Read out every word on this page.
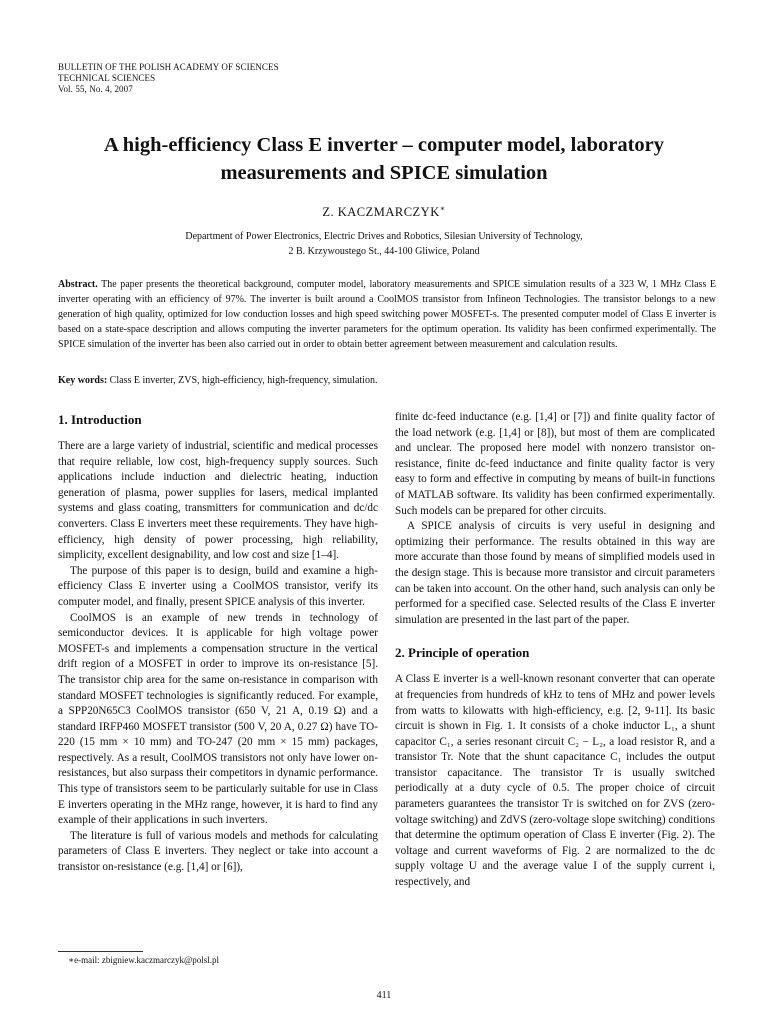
BULLETIN OF THE POLISH ACADEMY OF SCIENCES
TECHNICAL SCIENCES
Vol. 55, No. 4, 2007
A high-efficiency Class E inverter – computer model, laboratory
measurements and SPICE simulation
Z. KACZMARCZYK∗
Department of Power Electronics, Electric Drives and Robotics, Silesian University of Technology,
2 B. Krzywoustego St., 44-100 Gliwice, Poland
Abstract. The paper presents the theoretical background, computer model, laboratory measurements and SPICE simulation results of a 323 W, 1 MHz Class E inverter operating with an efficiency of 97%. The inverter is built around a CoolMOS transistor from Infineon Technologies. The transistor belongs to a new generation of high quality, optimized for low conduction losses and high speed switching power MOSFET-s. The presented computer model of Class E inverter is based on a state-space description and allows computing the inverter parameters for the optimum operation. Its validity has been confirmed experimentally. The SPICE simulation of the inverter has been also carried out in order to obtain better agreement between measurement and calculation results.
Key words: Class E inverter, ZVS, high-efficiency, high-frequency, simulation.
1. Introduction

There are a large variety of industrial, scientific and medical processes that require reliable, low cost, high-frequency supply sources. Such applications include induction and dielectric heating, induction generation of plasma, power supplies for lasers, medical implanted systems and glass coating, transmitters for communication and dc/dc converters. Class E inverters meet these requirements. They have high-efficiency, high density of power processing, high reliability, simplicity, excellent designability, and low cost and size [1–4].

The purpose of this paper is to design, build and examine a high-efficiency Class E inverter using a CoolMOS transistor, verify its computer model, and finally, present SPICE analysis of this inverter.

CoolMOS is an example of new trends in technology of semiconductor devices. It is applicable for high voltage power MOSFET-s and implements a compensation structure in the vertical drift region of a MOSFET in order to improve its on-resistance [5]. The transistor chip area for the same on-resistance in comparison with standard MOSFET technologies is significantly reduced. For example, a SPP20N65C3 CoolMOS transistor (650 V, 21 A, 0.19 Ω) and a standard IRFP460 MOSFET transistor (500 V, 20 A, 0.27 Ω) have TO-220 (15 mm × 10 mm) and TO-247 (20 mm × 15 mm) packages, respectively. As a result, CoolMOS transistors not only have lower on-resistances, but also surpass their competitors in dynamic performance. This type of transistors seem to be particularly suitable for use in Class E inverters operating in the MHz range, however, it is hard to find any example of their applications in such inverters.

The literature is full of various models and methods for calculating parameters of Class E inverters. They neglect or take into account a transistor on-resistance (e.g. [1,4] or [6]),

finite dc-feed inductance (e.g. [1,4] or [7]) and finite quality factor of the load network (e.g. [1,4] or [8]), but most of them are complicated and unclear. The proposed here model with nonzero transistor on-resistance, finite dc-feed inductance and finite quality factor is very easy to form and effective in computing by means of built-in functions of MATLAB software. Its validity has been confirmed experimentally. Such models can be prepared for other circuits.

A SPICE analysis of circuits is very useful in designing and optimizing their performance. The results obtained in this way are more accurate than those found by means of simplified models used in the design stage. This is because more transistor and circuit parameters can be taken into account. On the other hand, such analysis can only be performed for a specified case. Selected results of the Class E inverter simulation are presented in the last part of the paper.

2. Principle of operation

A Class E inverter is a well-known resonant converter that can operate at frequencies from hundreds of kHz to tens of MHz and power levels from watts to kilowatts with high-efficiency, e.g. [2, 9-11]. Its basic circuit is shown in Fig. 1. It consists of a choke inductor L₁, a shunt capacitor C₁, a series resonant circuit C₂ − L₂, a load resistor R, and a transistor Tr. Note that the shunt capacitance C₁ includes the output transistor capacitance. The transistor Tr is usually switched periodically at a duty cycle of 0.5. The proper choice of circuit parameters guarantees the transistor Tr is switched on for ZVS (zero-voltage switching) and ZdVS (zero-voltage slope switching) conditions that determine the optimum operation of Class E inverter (Fig. 2). The voltage and current waveforms of Fig. 2 are normalized to the dc supply voltage U and the average value I of the supply current i, respectively, and

∗e-mail: zbigniew.kaczmarczyk@polsl.pl
411
